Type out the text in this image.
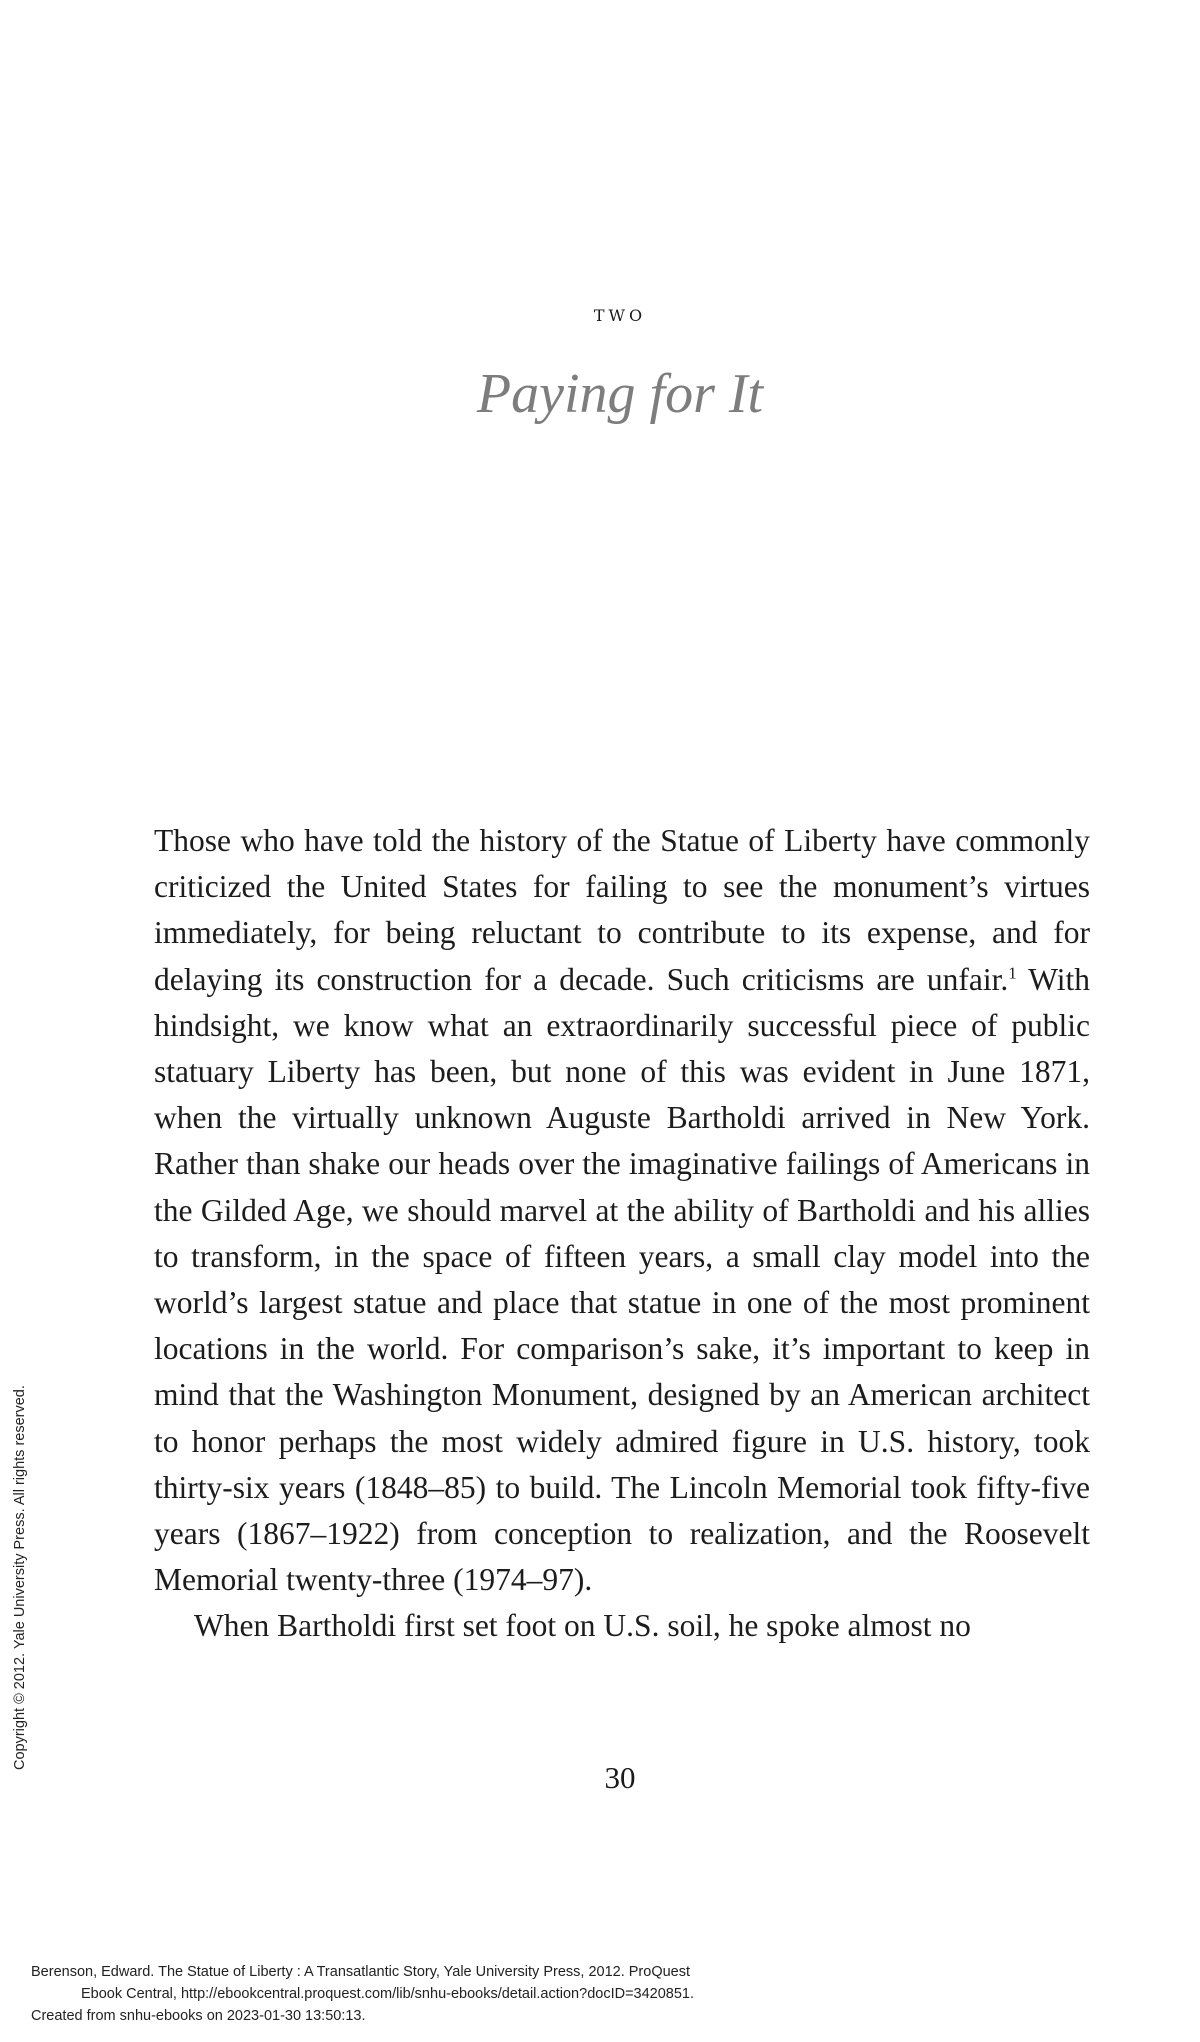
two
Paying for It

Those who have told the history of the Statue of Liberty have commonly criticized the United States for failing to see the monument’s virtues immediately, for being reluctant to contribute to its expense, and for delaying its construction for a decade. Such criticisms are unfair.$^1$ With hindsight, we know what an extraordinarily successful piece of public statuary Liberty has been, but none of this was evident in June 1871, when the virtually unknown Auguste Bartholdi arrived in New York. Rather than shake our heads over the imaginative failings of Americans in the Gilded Age, we should marvel at the ability of Bartholdi and his allies to transform, in the space of fifteen years, a small clay model into the world’s largest statue and place that statue in one of the most prominent locations in the world. For comparison’s sake, it’s important to keep in mind that the Washington Monument, designed by an American architect to honor perhaps the most widely admired figure in U.S. history, took thirty-six years (1848–85) to build. The Lincoln Memorial took fifty-five years (1867–1922) from conception to realization, and the Roosevelt Memorial twenty-three (1974–97).

When Bartholdi first set foot on U.S. soil, he spoke almost no

30
Copyright © 2012. Yale University Press. All rights reserved.
Berenson, Edward. The Statue of Liberty : A Transatlantic Story, Yale University Press, 2012. ProQuest
Ebook Central, http://ebookcentral.proquest.com/lib/snhu-ebooks/detail.action?docID=3420851.
Created from snhu-ebooks on 2023-01-30 13:50:13.
